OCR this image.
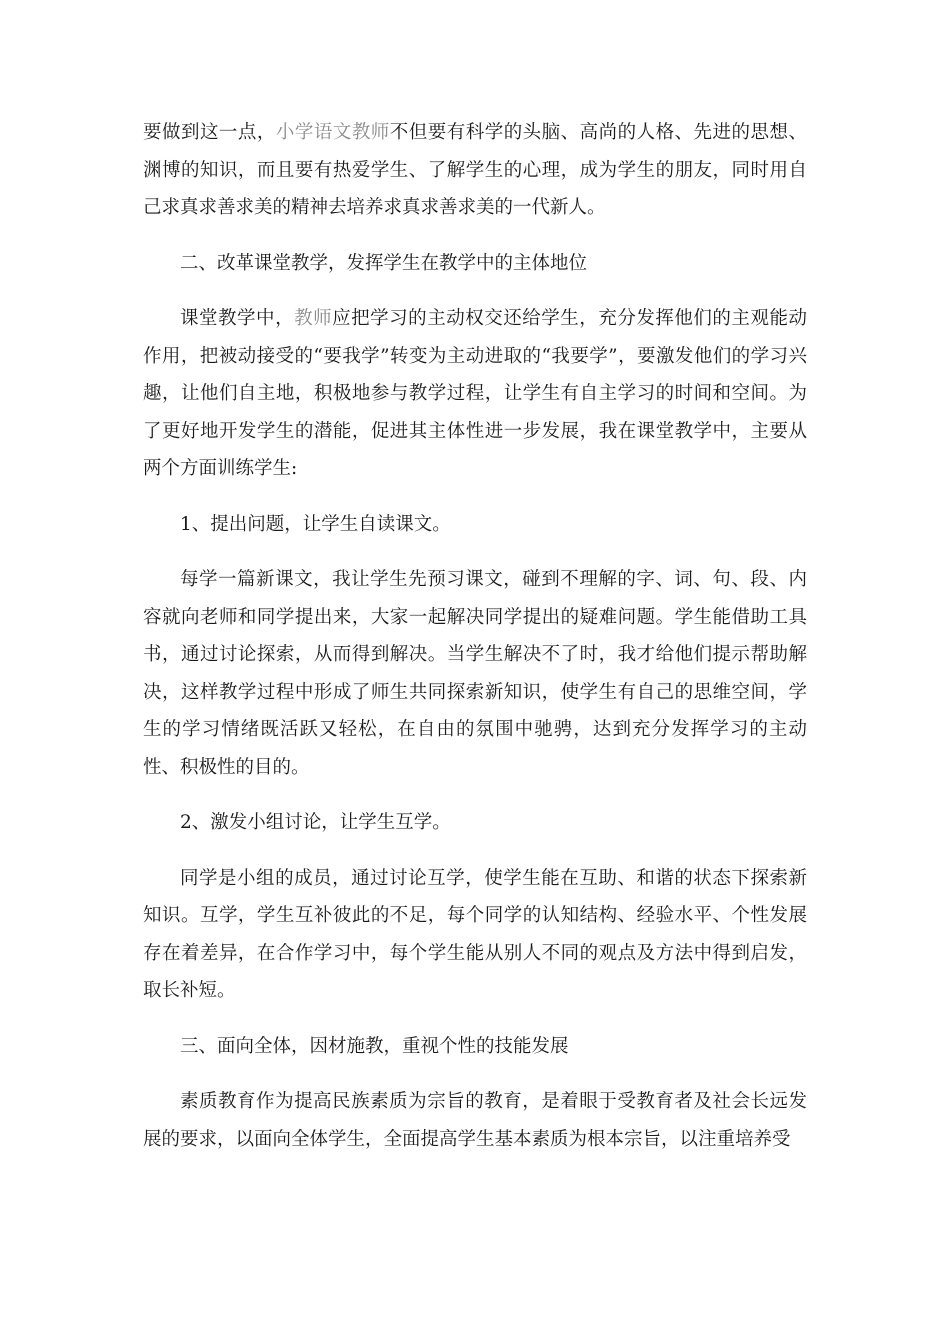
要做到这一点，小学语文教师不但要有科学的头脑、高尚的人格、先进的思想、渊博的知识，而且要有热爱学生、了解学生的心理，成为学生的朋友，同时用自己求真求善求美的精神去培养求真求善求美的一代新人。

二、改革课堂教学，发挥学生在教学中的主体地位

课堂教学中，教师应把学习的主动权交还给学生，充分发挥他们的主观能动作用，把被动接受的“要我学”转变为主动进取的“我要学”，要激发他们的学习兴趣，让他们自主地，积极地参与教学过程，让学生有自主学习的时间和空间。为了更好地开发学生的潜能，促进其主体性进一步发展，我在课堂教学中，主要从两个方面训练学生:

1、提出问题，让学生自读课文。

每学一篇新课文，我让学生先预习课文，碰到不理解的字、词、句、段、内容就向老师和同学提出来，大家一起解决同学提出的疑难问题。学生能借助工具书，通过讨论探索，从而得到解决。当学生解决不了时，我才给他们提示帮助解决，这样教学过程中形成了师生共同探索新知识，使学生有自己的思维空间，学生的学习情绪既活跃又轻松，在自由的氛围中驰骋，达到充分发挥学习的主动性、积极性的目的。

2、激发小组讨论，让学生互学。

同学是小组的成员，通过讨论互学，使学生能在互助、和谐的状态下探索新知识。互学，学生互补彼此的不足，每个同学的认知结构、经验水平、个性发展存在着差异，在合作学习中，每个学生能从别人不同的观点及方法中得到启发，取长补短。

三、面向全体，因材施教，重视个性的技能发展

素质教育作为提高民族素质为宗旨的教育，是着眼于受教育者及社会长远发展的要求，以面向全体学生，全面提高学生基本素质为根本宗旨，以注重培养受
